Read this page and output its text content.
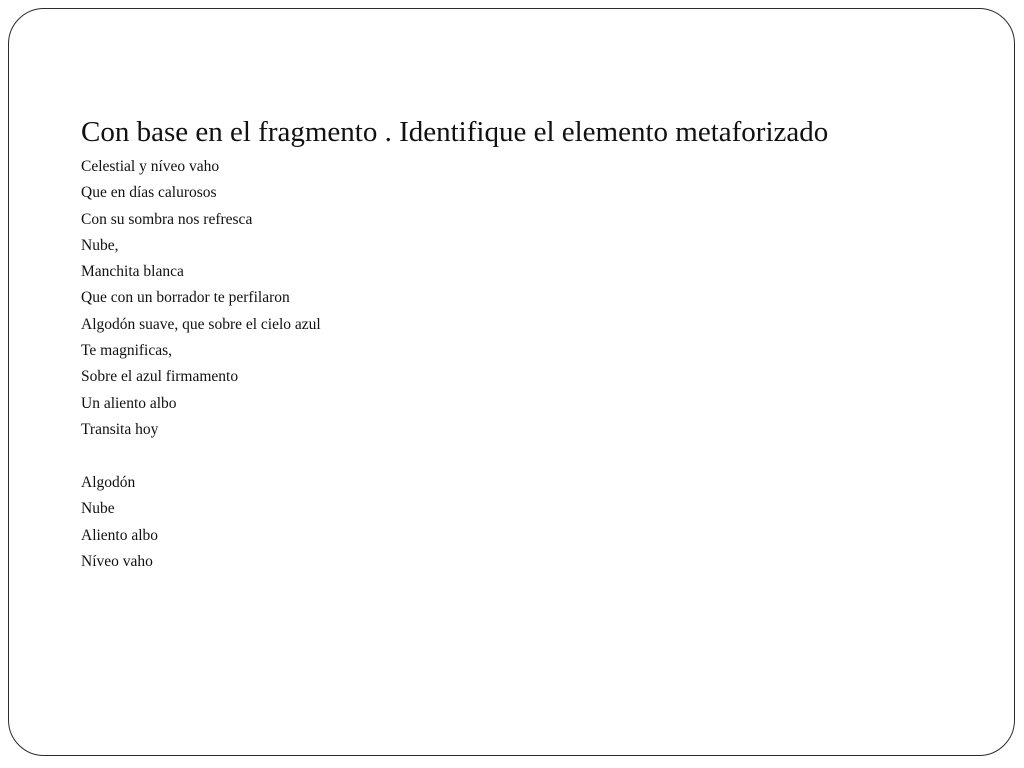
Con base en el fragmento . Identifique el elemento metaforizado
Celestial y níveo vaho
Que en días calurosos
Con su sombra nos refresca
Nube,
Manchita blanca
Que con un borrador te perfilaron
Algodón suave, que sobre el cielo azul
Te magnificas,
Sobre el azul firmamento
Un aliento albo
Transita hoy
Algodón
Nube
Aliento albo
Níveo vaho
